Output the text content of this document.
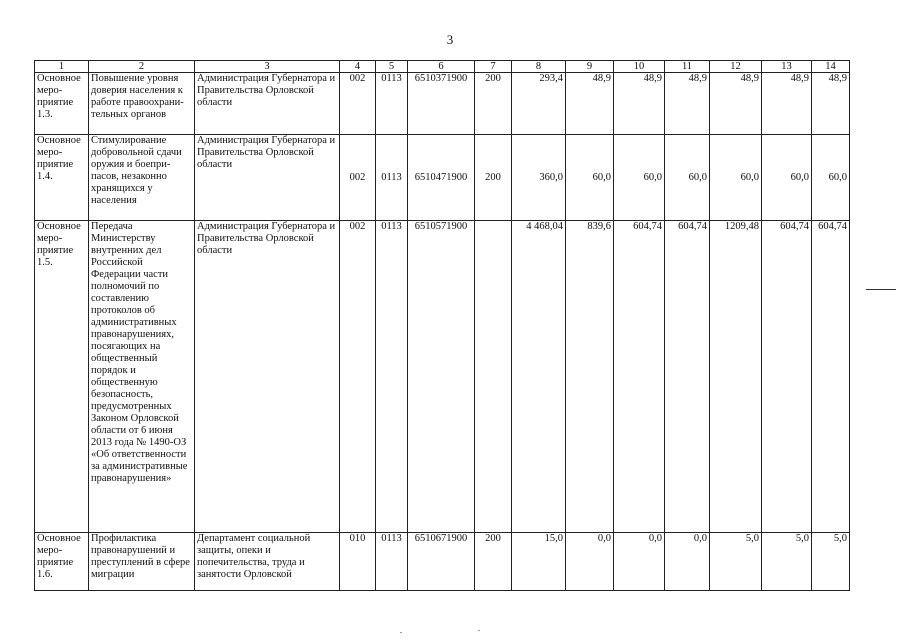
3
1	2	3	4	5	6	7	8	9	10	11	12	13	14
Основное меро-приятие 1.3.	Повышение уровня доверия населения к работе правоохрани-тельных органов	Администрация Губернатора и Правительства Орловской области	002	0113	6510371900	200	293,4	48,9	48,9	48,9	48,9	48,9	48,9
Основное меро-приятие 1.4.	Стимулирование добровольной сдачи оружия и боепри-пасов, незаконно хранящихся у населения	Администрация Губернатора и Правительства Орловской области	002	0113	6510471900	200	360,0	60,0	60,0	60,0	60,0	60,0	60,0
Основное меро-приятие 1.5.	Передача Министерству внутренних дел Российской Федерации части полномочий по составлению протоколов об административных правонарушениях, посягающих на общественный порядок и общественную безопасность, предусмотренных Законом Орловской области от 6 июня 2013 года № 1490-ОЗ «Об ответственности за административные правонарушения»	Администрация Губернатора и Правительства Орловской области	002	0113	6510571900		4 468,04	839,6	604,74	604,74	1209,48	604,74	604,74
Основное меро-приятие 1.6.	Профилактика правонарушений и преступлений в сфере миграции	Департамент социальной защиты, опеки и попечительства, труда и занятости Орловской	010	0113	6510671900	200	15,0	0,0	0,0	0,0	5,0	5,0	5,0
